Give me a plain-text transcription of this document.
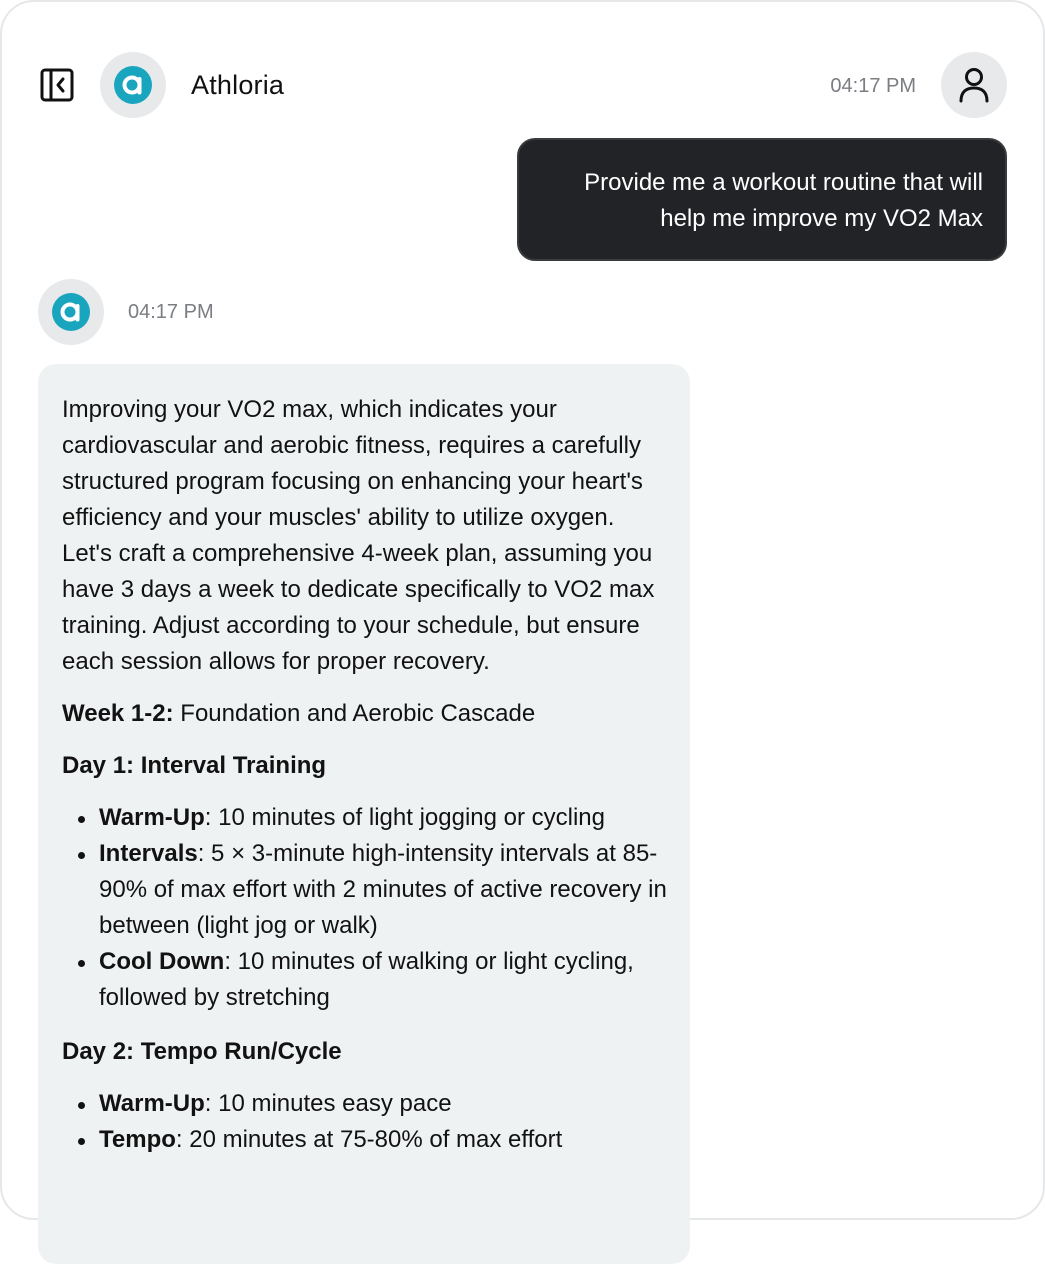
Athloria	04:17 PM
Provide me a workout routine that will help me improve my VO2 Max
04:17 PM

Improving your VO2 max, which indicates your cardiovascular and aerobic fitness, requires a carefully structured program focusing on enhancing your heart's efficiency and your muscles' ability to utilize oxygen. Let's craft a comprehensive 4-week plan, assuming you have 3 days a week to dedicate specifically to VO2 max training. Adjust according to your schedule, but ensure each session allows for proper recovery.

Week 1-2: Foundation and Aerobic Cascade

Day 1: Interval Training

Warm-Up: 10 minutes of light jogging or cycling
Intervals: 5 × 3-minute high-intensity intervals at 85-90% of max effort with 2 minutes of active recovery in between (light jog or walk)
Cool Down: 10 minutes of walking or light cycling, followed by stretching

Day 2: Tempo Run/Cycle

Warm-Up: 10 minutes easy pace
Tempo: 20 minutes at 75-80% of max effort
